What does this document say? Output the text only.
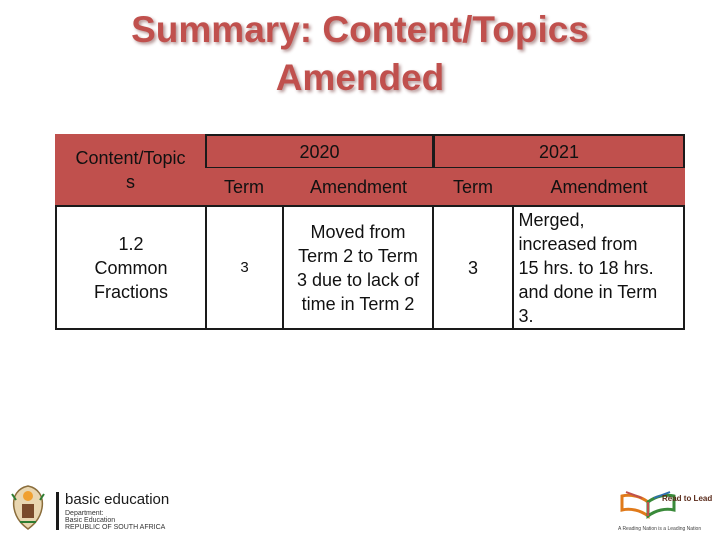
Summary: Content/Topics
Amended
Content/Topic
s
2020
Term	Amendment
2021
Term	Amendment
1.2
Common
Fractions
3
Moved from
Term 2 to Term
3 due to lack of
time in Term 2
3
Merged,
increased from
15 hrs. to 18 hrs.
and done in Term
3.
basic education
Department:
Basic Education
REPUBLIC OF SOUTH AFRICA
Read to Lead
A Reading Nation is a Leading Nation
